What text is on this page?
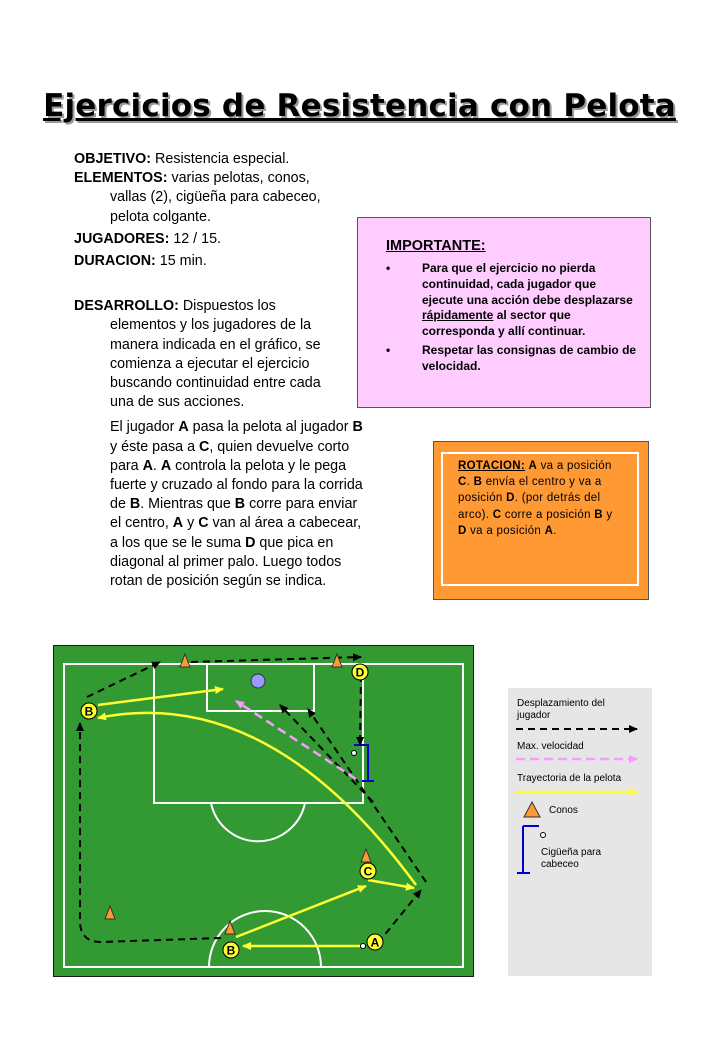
Ejercicios de Resistencia con Pelota

OBJETIVO: Resistencia especial.

ELEMENTOS: varias pelotas, conos,
vallas (2), cigüeña para cabeceo,
pelota colgante.

JUGADORES: 12 / 15.

DURACION: 15 min.

DESARROLLO: Dispuestos los
elementos y los jugadores de la
manera indicada en el gráfico, se
comienza a ejecutar el ejercicio
buscando continuidad entre cada
una de sus acciones.

El jugador A pasa la pelota al jugador B y éste pasa a C, quien devuelve corto para A. A controla la pelota y le pega fuerte y cruzado al fondo para la corrida de B. Mientras que B corre para enviar el centro, A y C van al área a cabecear, a los que se le suma D que pica en diagonal al primer palo. Luego todos rotan de posición según se indica.

IMPORTANTE:
•	Para que el ejercicio no pierda continuidad, cada jugador que ejecute una acción debe desplazarse rápidamente al sector que corresponda y allí continuar.
•	Respetar las consignas de cambio de velocidad.
ROTACION: A va a posición C. B envía el centro y va a posición D. (por detrás del arco). C corre a posición B y D va a posición A.
D
B
C
A
B
Desplazamiento del
jugador
Max. velocidad
Trayectoria de la pelota
Conos
Cigüeña para
cabeceo
